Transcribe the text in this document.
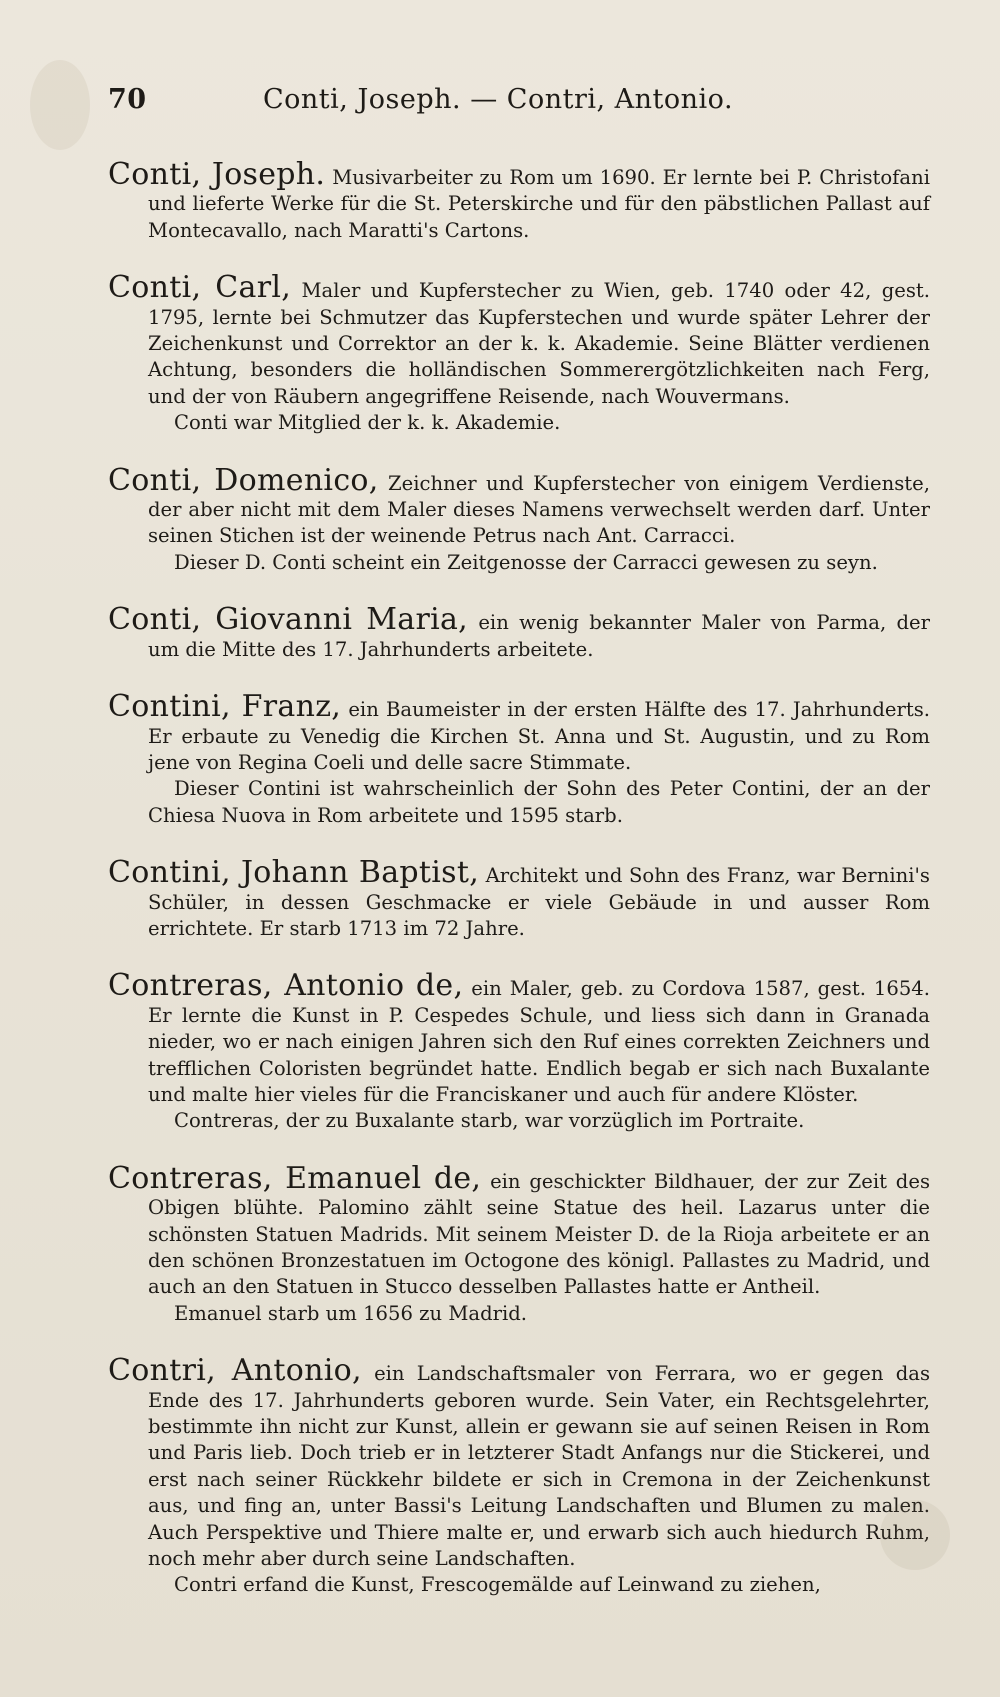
70	Conti, Joseph. — Contri, Antonio.

Conti, Joseph. Musivarbeiter zu Rom um 1690. Er lernte bei P. Christofani und lieferte Werke für die St. Peterskirche und für den päbstlichen Pallast auf Montecavallo, nach Maratti's Cartons.

Conti, Carl, Maler und Kupferstecher zu Wien, geb. 1740 oder 42, gest. 1795, lernte bei Schmutzer das Kupferstechen und wurde später Lehrer der Zeichenkunst und Correktor an der k. k. Akademie. Seine Blätter verdienen Achtung, besonders die holländischen Sommerergötzlichkeiten nach Ferg, und der von Räubern angegriffene Reisende, nach Wouvermans.

Conti war Mitglied der k. k. Akademie.

Conti, Domenico, Zeichner und Kupferstecher von einigem Verdienste, der aber nicht mit dem Maler dieses Namens verwechselt werden darf. Unter seinen Stichen ist der weinende Petrus nach Ant. Carracci.

Dieser D. Conti scheint ein Zeitgenosse der Carracci gewesen zu seyn.

Conti, Giovanni Maria, ein wenig bekannter Maler von Parma, der um die Mitte des 17. Jahrhunderts arbeitete.

Contini, Franz, ein Baumeister in der ersten Hälfte des 17. Jahrhunderts. Er erbaute zu Venedig die Kirchen St. Anna und St. Augustin, und zu Rom jene von Regina Coeli und delle sacre Stimmate.

Dieser Contini ist wahrscheinlich der Sohn des Peter Contini, der an der Chiesa Nuova in Rom arbeitete und 1595 starb.

Contini, Johann Baptist, Architekt und Sohn des Franz, war Bernini's Schüler, in dessen Geschmacke er viele Gebäude in und ausser Rom errichtete. Er starb 1713 im 72 Jahre.

Contreras, Antonio de, ein Maler, geb. zu Cordova 1587, gest. 1654. Er lernte die Kunst in P. Cespedes Schule, und liess sich dann in Granada nieder, wo er nach einigen Jahren sich den Ruf eines correkten Zeichners und trefflichen Coloristen begründet hatte. Endlich begab er sich nach Buxalante und malte hier vieles für die Franciskaner und auch für andere Klöster.

Contreras, der zu Buxalante starb, war vorzüglich im Portraite.

Contreras, Emanuel de, ein geschickter Bildhauer, der zur Zeit des Obigen blühte. Palomino zählt seine Statue des heil. Lazarus unter die schönsten Statuen Madrids. Mit seinem Meister D. de la Rioja arbeitete er an den schönen Bronzestatuen im Octogone des königl. Pallastes zu Madrid, und auch an den Statuen in Stucco desselben Pallastes hatte er Antheil.

Emanuel starb um 1656 zu Madrid.

Contri, Antonio, ein Landschaftsmaler von Ferrara, wo er gegen das Ende des 17. Jahrhunderts geboren wurde. Sein Vater, ein Rechtsgelehrter, bestimmte ihn nicht zur Kunst, allein er gewann sie auf seinen Reisen in Rom und Paris lieb. Doch trieb er in letzterer Stadt Anfangs nur die Stickerei, und erst nach seiner Rückkehr bildete er sich in Cremona in der Zeichenkunst aus, und fing an, unter Bassi's Leitung Landschaften und Blumen zu malen. Auch Perspektive und Thiere malte er, und erwarb sich auch hiedurch Ruhm, noch mehr aber durch seine Landschaften.

Contri erfand die Kunst, Frescogemälde auf Leinwand zu ziehen,
